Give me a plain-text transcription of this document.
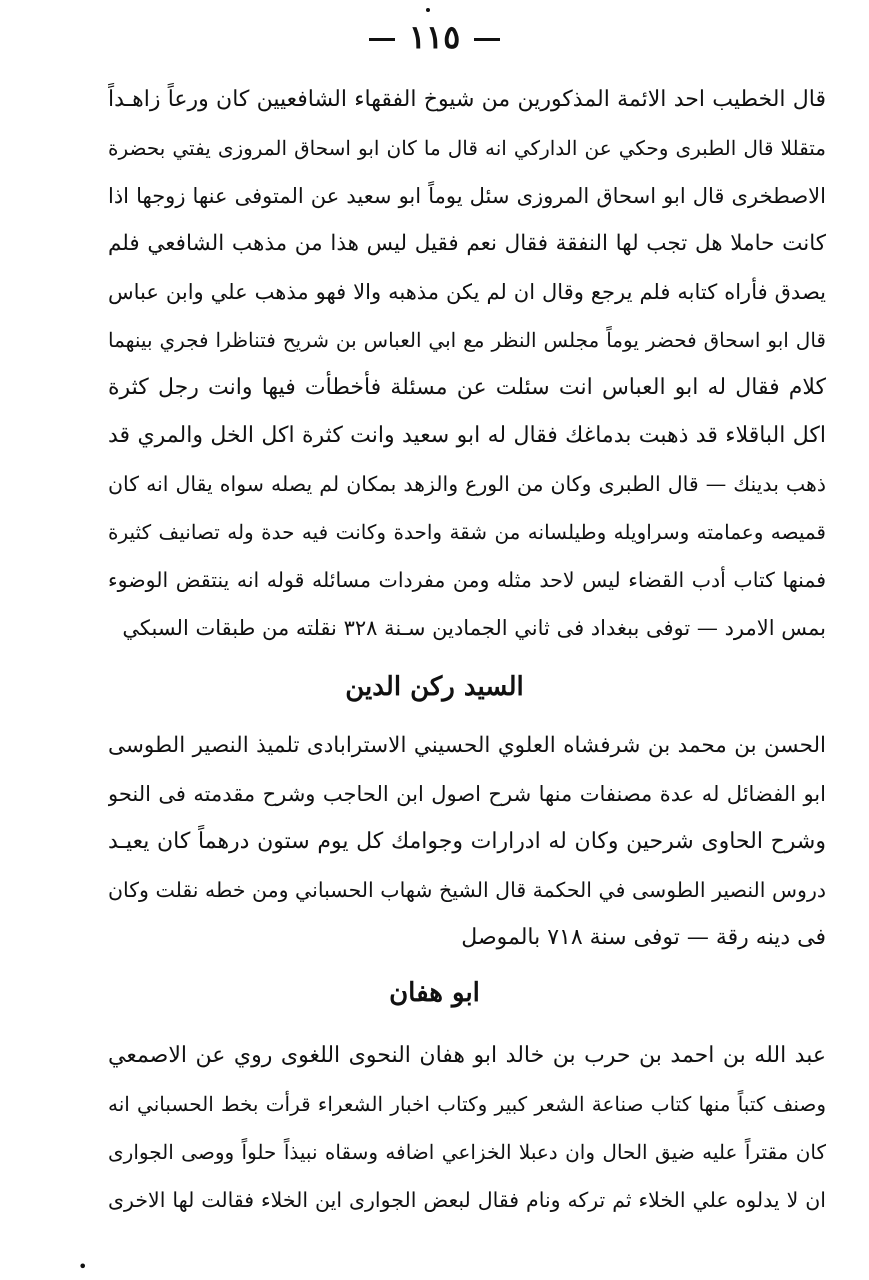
١١٥
قال الخطيب احد الائمة المذكورين من شيوخ الفقهاء الشافعيين كان ورعاً زاهـداً
متقللا قال الطبرى وحكي عن الداركي انه قال ما كان ابو اسحاق المروزى يفتي بحضرة
الاصطخرى قال ابو اسحاق المروزى سئل يوماً ابو سعيد عن المتوفى عنها زوجها اذا
كانت حاملا هل تجب لها النفقة فقال نعم فقيل ليس هذا من مذهب الشافعي فلم
يصدق فأراه كتابه فلم يرجع وقال ان لم يكن مذهبه والا فهو مذهب علي وابن عباس
قال ابو اسحاق فحضر يوماً مجلس النظر مع ابي العباس بن شريح فتناظرا فجري بينهما
كلام فقال له ابو العباس انت سئلت عن مسئلة فأخطأت فيها وانت رجل كثرة
اكل الباقلاء قد ذهبت بدماغك فقال له ابو سعيد وانت كثرة اكل الخل والمري قد
ذهب بدينك — قال الطبرى وكان من الورع والزهد بمكان لم يصله سواه يقال انه كان
قميصه وعمامته وسراويله وطيلسانه من شقة واحدة وكانت فيه حدة وله تصانيف كثيرة
فمنها كتاب أدب القضاء ليس لاحد مثله ومن مفردات مسائله قوله انه ينتقض الوضوء
بمس الامرد — توفى ببغداد فى ثاني الجمادين سـنة ٣٢٨ نقلته من طبقات السبكي
السيد ركن الدين
الحسن بن محمد بن شرفشاه العلوي الحسيني الاسترابادى تلميذ النصير الطوسى
ابو الفضائل له عدة مصنفات منها شرح اصول ابن الحاجب وشرح مقدمته فى النحو
وشرح الحاوى شرحين وكان له ادرارات وجوامك كل يوم ستون درهماً كان يعيـد
دروس النصير الطوسى في الحكمة قال الشيخ شهاب الحسباني ومن خطه نقلت وكان
فى دينه رقة — توفى سنة ٧١٨ بالموصل
ابو هفان
عبد الله بن احمد بن حرب بن خالد ابو هفان النحوى اللغوى روي عن الاصمعي
وصنف كتباً منها كتاب صناعة الشعر كبير وكتاب اخبار الشعراء قرأت بخط الحسباني انه
كان مقتراً عليه ضيق الحال وان دعبلا الخزاعي اضافه وسقاه نبيذاً حلواً ووصى الجوارى
ان لا يدلوه علي الخلاء ثم تركه ونام فقال لبعض الجوارى اين الخلاء فقالت لها الاخرى
•
